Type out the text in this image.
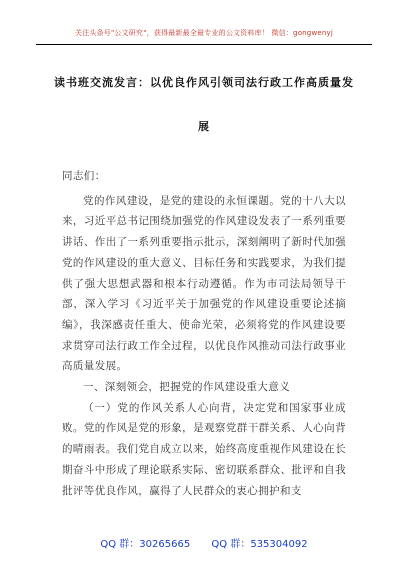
关注头条号"公文研究"，获得最新最全最专业的公文资料库！ 微信：gongwenyj
读书班交流发言：以优良作风引领司法行政工作高质量发
展

同志们：

党的作风建设，是党的建设的永恒课题。党的十八大以来，习近平总书记围绕加强党的作风建设发表了一系列重要讲话、作出了一系列重要指示批示，深刻阐明了新时代加强党的作风建设的重大意义、目标任务和实践要求，为我们提供了强大思想武器和根本行动遵循。作为市司法局领导干部，深入学习《习近平关于加强党的作风建设重要论述摘编》，我深感责任重大、使命光荣，必须将党的作风建设要求贯穿司法行政工作全过程，以优良作风推动司法行政事业高质量发展。

一、深刻领会，把握党的作风建设重大意义

（一）党的作风关系人心向背，决定党和国家事业成败。党的作风是党的形象，是观察党群干群关系、人心向背的晴雨表。我们党自成立以来，始终高度重视作风建设在长期奋斗中形成了理论联系实际、密切联系群众、批评和自我批评等优良作风，赢得了人民群众的衷心拥护和支

QQ 群：30265665 QQ 群：535304092
